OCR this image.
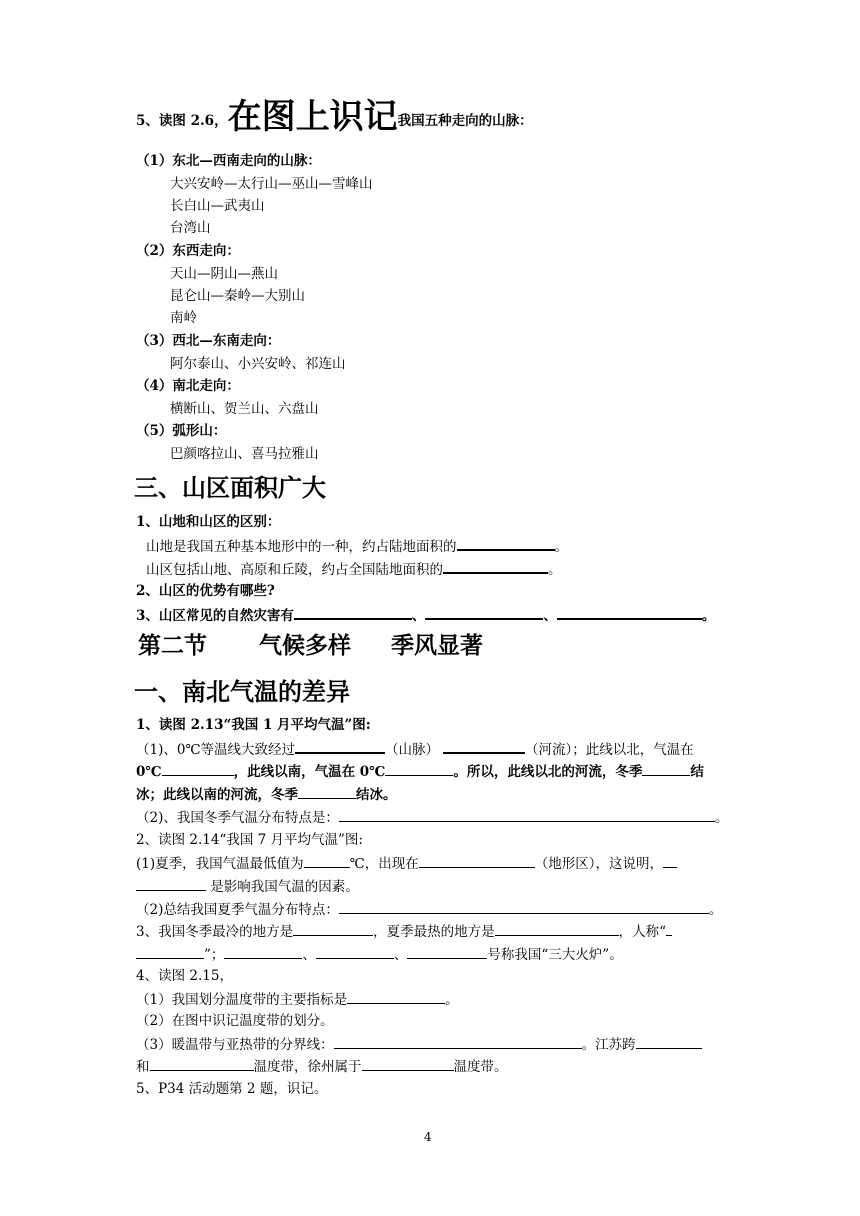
5、读图 2.6，在图上识记我国五种走向的山脉：
（1）东北—西南走向的山脉：
大兴安岭—太行山—巫山—雪峰山
长白山—武夷山
台湾山
（2）东西走向：
天山—阴山—燕山
昆仑山—秦岭—大别山
南岭
（3）西北—东南走向：
阿尔泰山、小兴安岭、祁连山
（4）南北走向：
横断山、贺兰山、六盘山
（5）弧形山：
巴颜喀拉山、喜马拉雅山
三、山区面积广大
1、山地和山区的区别：
山地是我国五种基本地形中的一种，约占陆地面积的	。
山区包括山地、高原和丘陵，约占全国陆地面积的	。
2、山区的优势有哪些?
3、山区常见的自然灾害有	、	、	。
第二节 气候多样 季风显著
一、南北气温的差异
1、读图 2.13“我国 1 月平均气温”图:
（1)、0℃等温线大致经过	（山脉）	（河流）；此线以北，气温在
0℃	，此线以南，气温在 0℃	。所以，此线以北的河流，冬季	结
冰；此线以南的河流，冬季	结冰。
（2)、我国冬季气温分布特点是：	。
2、读图 2.14“我国 7 月平均气温”图:
(1)夏季，我国气温最低值为	℃，出现在	（地形区），这说明，
是影响我国气温的因素。
（2)总结我国夏季气温分布特点：	。
3、我国冬季最冷的地方是	，夏季最热的地方是	，人称“
”；	、	、	号称我国“三大火炉”。
4、读图 2.15，
（1）我国划分温度带的主要指标是	。
（2）在图中识记温度带的划分。
（3）暖温带与亚热带的分界线：	。江苏跨
和	温度带，徐州属于	温度带。
5、P34 活动题第 2 题，识记。
4
